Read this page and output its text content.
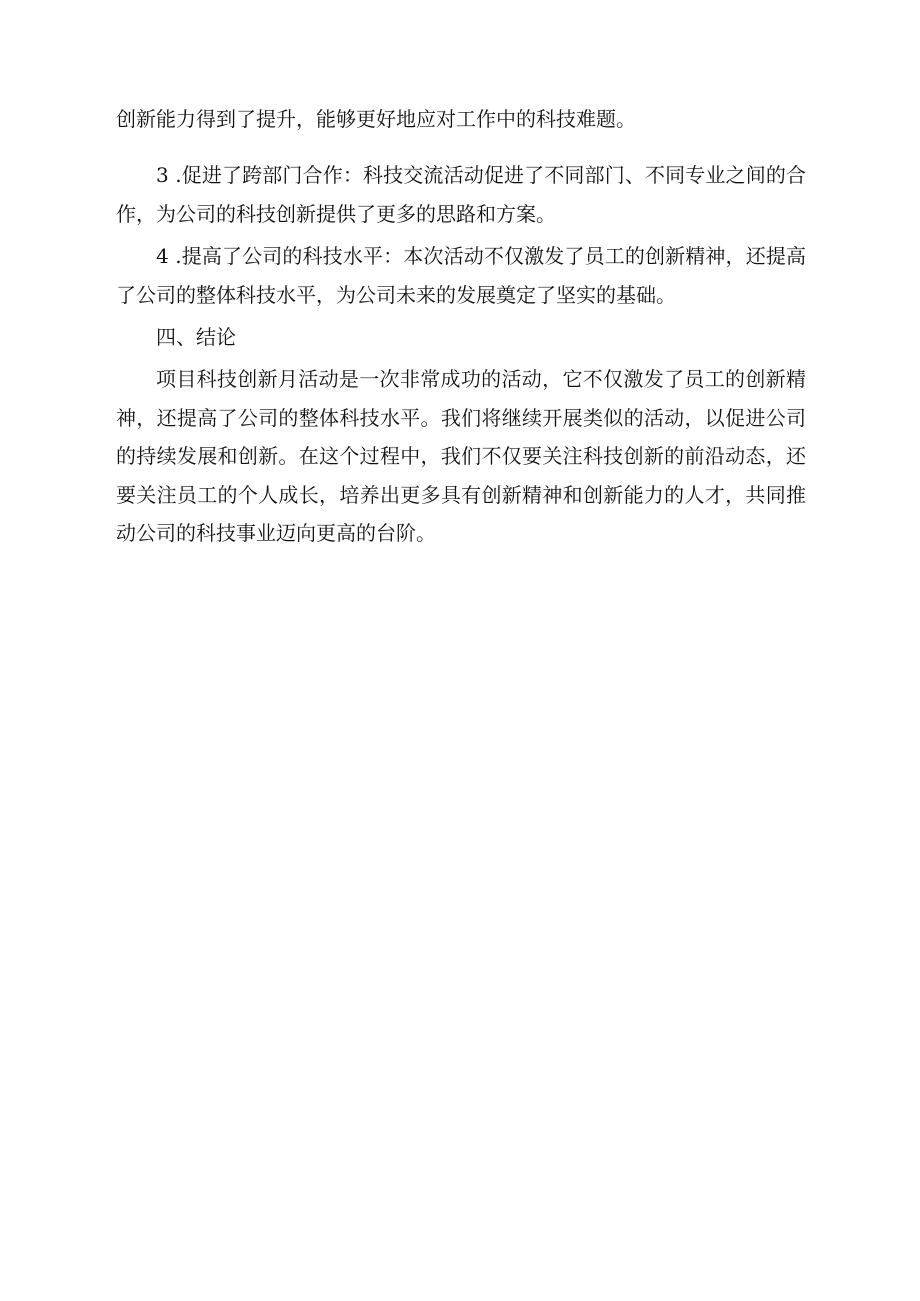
创新能力得到了提升，能够更好地应对工作中的科技难题。

3 .促进了跨部门合作：科技交流活动促进了不同部门、不同专业之间的合作，为公司的科技创新提供了更多的思路和方案。

4 .提高了公司的科技水平：本次活动不仅激发了员工的创新精神，还提高了公司的整体科技水平，为公司未来的发展奠定了坚实的基础。

四、结论

项目科技创新月活动是一次非常成功的活动，它不仅激发了员工的创新精神，还提高了公司的整体科技水平。我们将继续开展类似的活动，以促进公司的持续发展和创新。在这个过程中，我们不仅要关注科技创新的前沿动态，还要关注员工的个人成长，培养出更多具有创新精神和创新能力的人才，共同推动公司的科技事业迈向更高的台阶。
